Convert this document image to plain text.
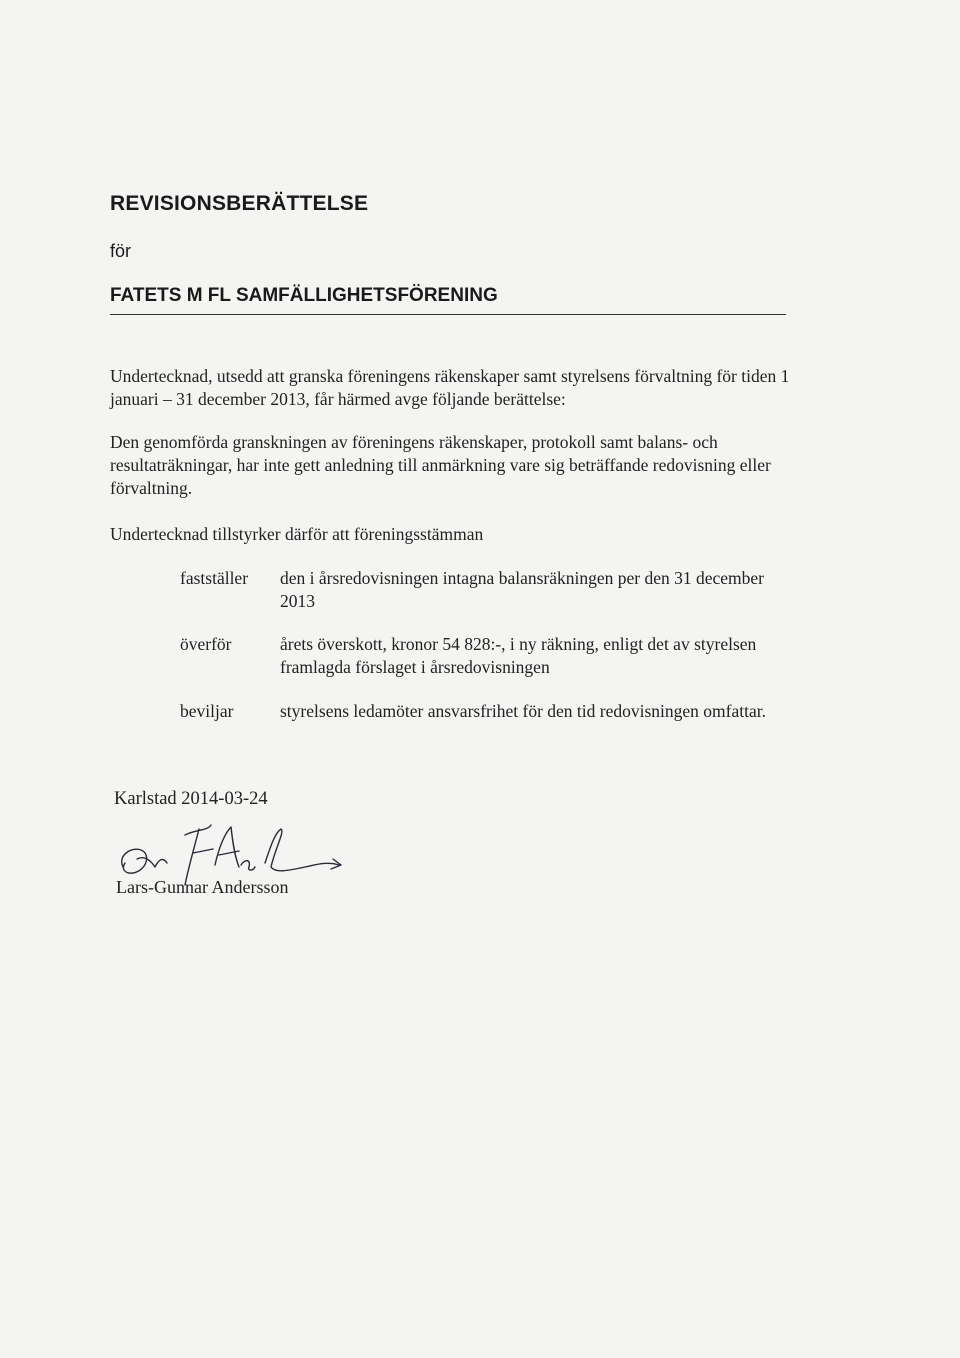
REVISIONSBERÄTTELSE
för
FATETS M FL SAMFÄLLIGHETSFÖRENING

Undertecknad, utsedd att granska föreningens räkenskaper samt styrelsens förvaltning för tiden 1 januari – 31 december 2013, får härmed avge följande berättelse:

Den genomförda granskningen av föreningens räkenskaper, protokoll samt balans- och resultaträkningar, har inte gett anledning till anmärkning vare sig beträffande redovisning eller förvaltning.

Undertecknad tillstyrker därför att föreningsstämman

fastställer den i årsredovisningen intagna balansräkningen per den 31 december 2013
överför	årets överskott, kronor 54 828:-, i ny räkning, enligt det av styrelsen framlagda förslaget i årsredovisningen
beviljar	styrelsens ledamöter ansvarsfrihet för den tid redovisningen omfattar.
Karlstad 2014-03-24
Lars-Gunnar Andersson
